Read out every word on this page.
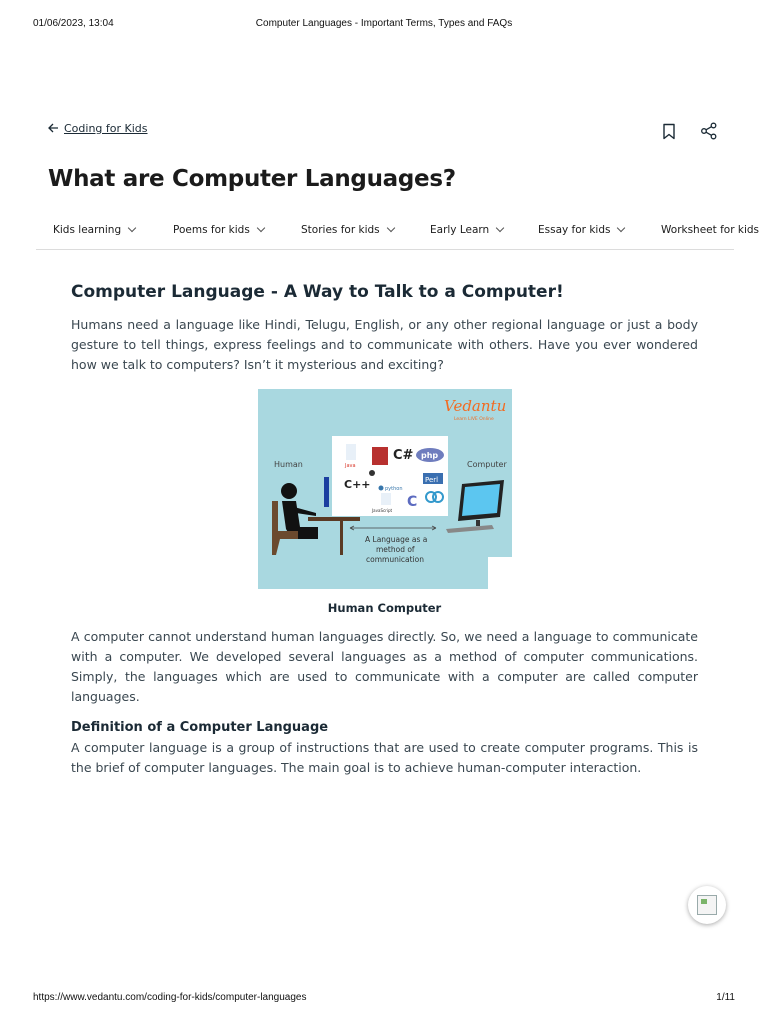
01/06/2023, 13:04	Computer Languages - Important Terms, Types and FAQs
Coding for Kids
What are Computer Languages?
Kids learning	Poems for kids	Stories for kids	Early Learn	Essay for kids	Worksheet for kids
Computer Language - A Way to Talk to a Computer!

Humans need a language like Hindi, Telugu, English, or any other regional language or just a body gesture to tell things, express feelings and to communicate with others. Have you ever wondered how we talk to computers? Isn’t it mysterious and exciting?

Vedantu
Learn LIVE Online
Human	Computer
Java
C# php
C++	python
Perl
JavaScript
C
A Language as a
method of
communication
Human Computer

A computer cannot understand human languages directly. So, we need a language to communicate with a computer. We developed several languages as a method of computer communications. Simply, the languages which are used to communicate with a computer are called computer languages.

Definition of a Computer Language

A computer language is a group of instructions that are used to create computer programs. This is the brief of computer languages. The main goal is to achieve human-computer interaction.

https://www.vedantu.com/coding-for-kids/computer-languages	1/11
